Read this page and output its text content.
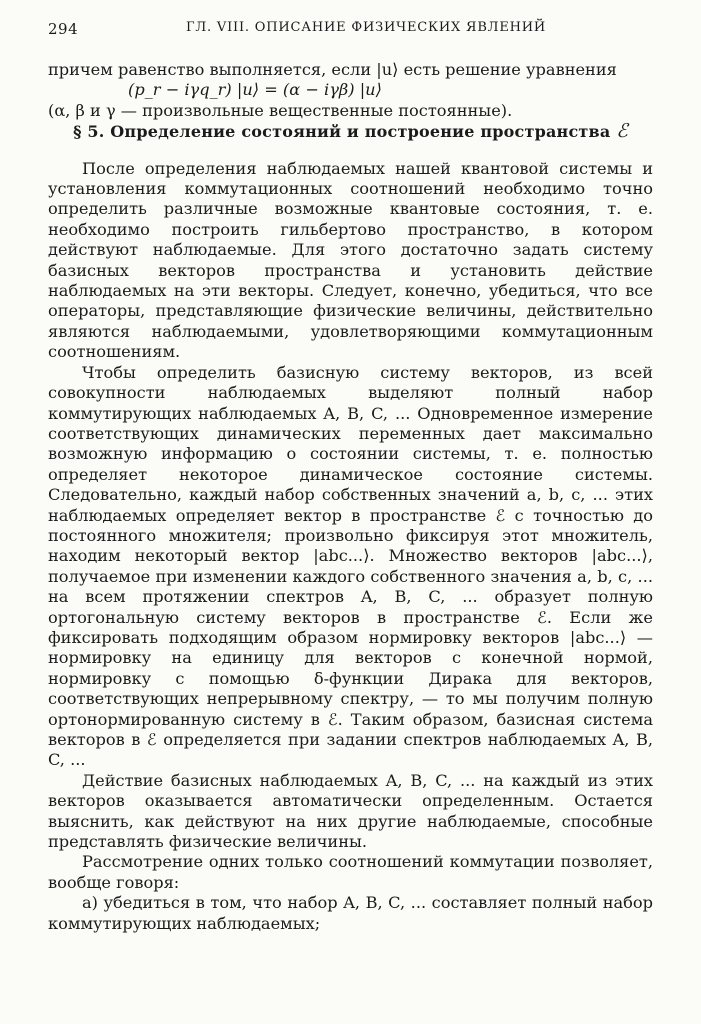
294	ГЛ. VIII. ОПИСАНИЕ ФИЗИЧЕСКИХ ЯВЛЕНИЙ

причем равенство выполняется, если |u⟩ есть решение уравнения

(p_r − iγq_r) |u⟩ = (α − iγβ) |u⟩

(α, β и γ — произвольные вещественные постоянные).

§ 5. Определение состояний и построение пространства ℰ

После определения наблюдаемых нашей квантовой системы и установления коммутационных соотношений необходимо точно определить различные возможные квантовые состояния, т. е. необходимо построить гильбертово пространство, в котором действуют наблюдаемые. Для этого достаточно задать систему базисных векторов пространства и установить действие наблюдаемых на эти векторы. Следует, конечно, убедиться, что все операторы, представляющие физические величины, действительно являются наблюдаемыми, удовлетворяющими коммутационным соотношениям.

Чтобы определить базисную систему векторов, из всей совокупности наблюдаемых выделяют полный набор коммутирующих наблюдаемых A, B, C, ... Одновременное измерение соответствующих динамических переменных дает максимально возможную информацию о состоянии системы, т. е. полностью определяет некоторое динамическое состояние системы. Следовательно, каждый набор собственных значений a, b, c, ... этих наблюдаемых определяет вектор в пространстве ℰ с точностью до постоянного множителя; произвольно фиксируя этот множитель, находим некоторый вектор |abc...⟩. Множество векторов |abc...⟩, получаемое при изменении каждого собственного значения a, b, c, ... на всем протяжении спектров A, B, C, ... образует полную ортогональную систему векторов в пространстве ℰ. Если же фиксировать подходящим образом нормировку векторов |abc...⟩ — нормировку на единицу для векторов с конечной нормой, нормировку с помощью δ-функции Дирака для векторов, соответствующих непрерывному спектру, — то мы получим полную ортонормированную систему в ℰ. Таким образом, базисная система векторов в ℰ определяется при задании спектров наблюдаемых A, B, C, ...

Действие базисных наблюдаемых A, B, C, ... на каждый из этих векторов оказывается автоматически определенным. Остается выяснить, как действуют на них другие наблюдаемые, способные представлять физические величины.

Рассмотрение одних только соотношений коммутации позволяет, вообще говоря:

а) убедиться в том, что набор A, B, C, ... составляет полный набор коммутирующих наблюдаемых;
